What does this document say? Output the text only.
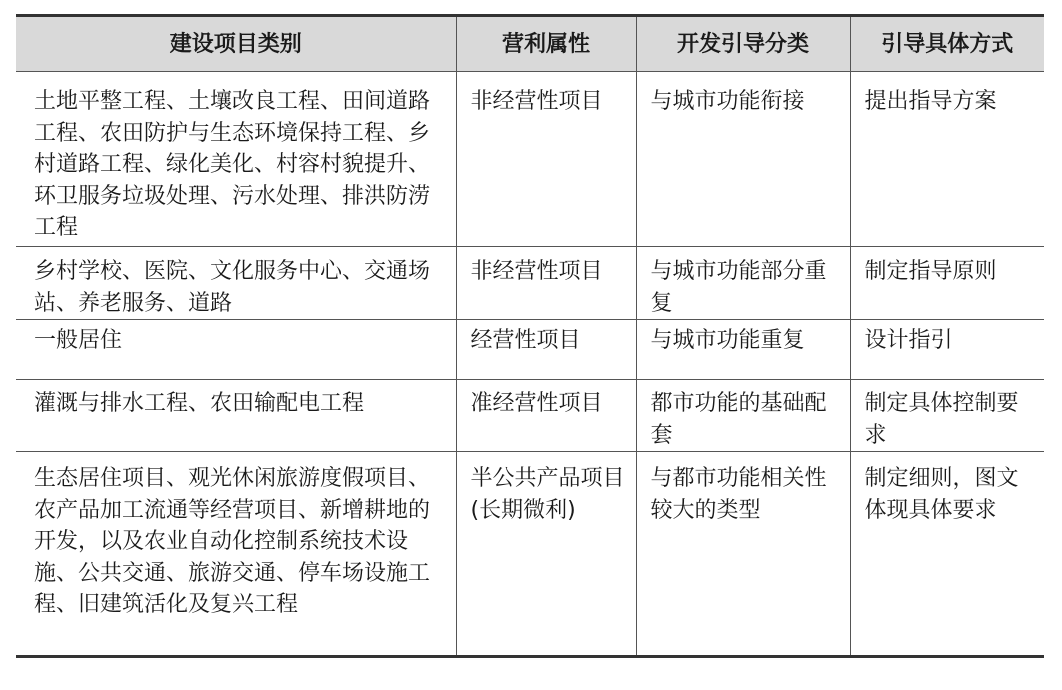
建设项目类别	营利属性	开发引导分类	引导具体方式
土地平整工程、土壤改良工程、田间道路工程、农田防护与生态环境保持工程、乡村道路工程、绿化美化、村容村貌提升、环卫服务垃圾处理、污水处理、排洪防涝工程	非经营性项目	与城市功能衔接	提出指导方案
乡村学校、医院、文化服务中心、交通场站、养老服务、道路	非经营性项目	与城市功能部分重复	制定指导原则
一般居住	经营性项目	与城市功能重复	设计指引
灌溉与排水工程、农田输配电工程	准经营性项目	都市功能的基础配套	制定具体控制要求
生态居住项目、观光休闲旅游度假项目、农产品加工流通等经营项目、新增耕地的开发，以及农业自动化控制系统技术设施、公共交通、旅游交通、停车场设施工程、旧建筑活化及复兴工程	半公共产品项目(长期微利)	与都市功能相关性较大的类型	制定细则，图文体现具体要求
